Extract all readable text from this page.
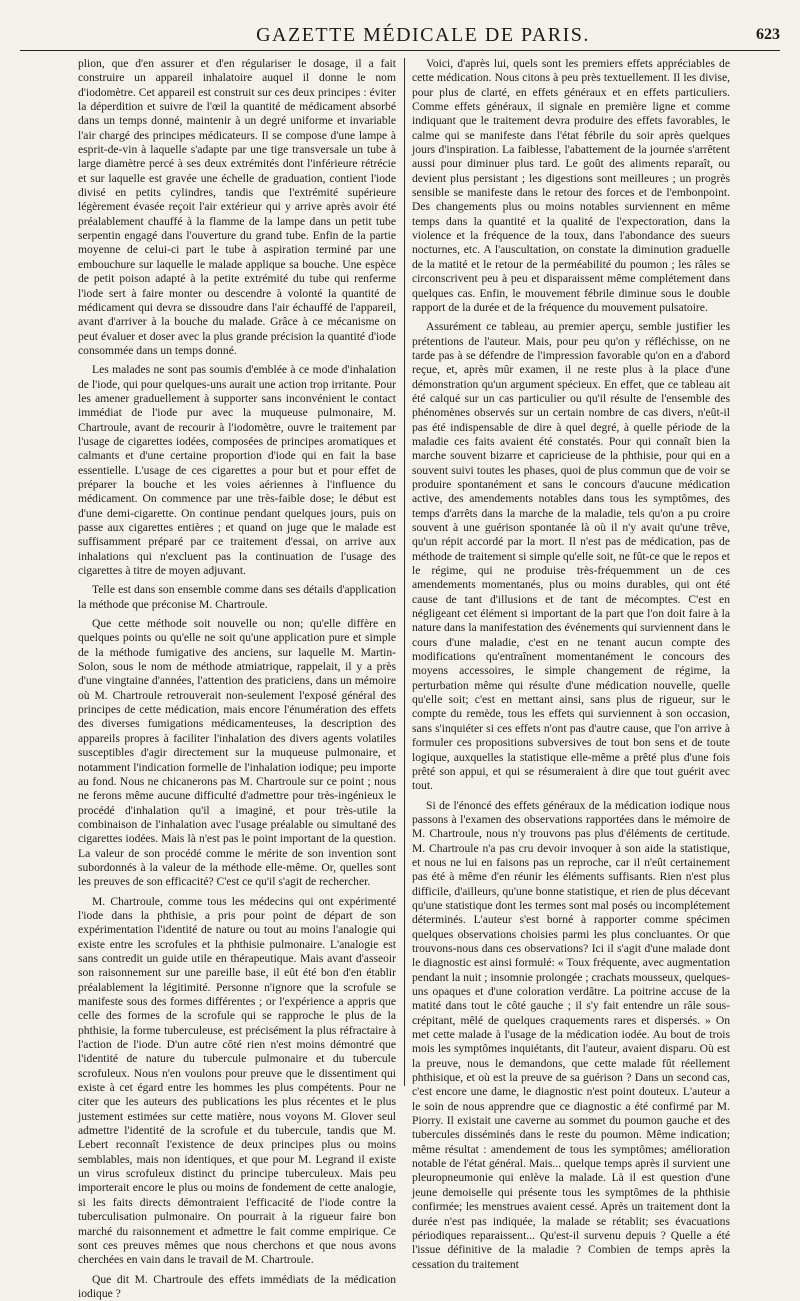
GAZETTE MÉDICALE DE PARIS.	623

plion, que d'en assurer et d'en régulariser le dosage, il a fait construire un appareil inhalatoire auquel il donne le nom d'iodomètre. Cet appareil est construit sur ces deux principes : éviter la déperdition et suivre de l'œil la quantité de médicament absorbé dans un temps donné, maintenir à un degré uniforme et invariable l'air chargé des principes médicateurs. Il se compose d'une lampe à esprit-de-vin à laquelle s'adapte par une tige transversale un tube à large diamètre percé à ses deux extrémités dont l'inférieure rétrécie et sur laquelle est gravée une échelle de graduation, contient l'iode divisé en petits cylindres, tandis que l'extrémité supérieure légèrement évasée reçoit l'air extérieur qui y arrive après avoir été préalablement chauffé à la flamme de la lampe dans un petit tube serpentin engagé dans l'ouverture du grand tube. Enfin de la partie moyenne de celui-ci part le tube à aspiration terminé par une embouchure sur laquelle le malade applique sa bouche. Une espèce de petit poison adapté à la petite extrémité du tube qui renferme l'iode sert à faire monter ou descendre à volonté la quantité de médicament qui devra se dissoudre dans l'air échauffé de l'appareil, avant d'arriver à la bouche du malade. Grâce à ce mécanisme on peut évaluer et doser avec la plus grande précision la quantité d'iode consommée dans un temps donné.

Les malades ne sont pas soumis d'emblée à ce mode d'inhalation de l'iode, qui pour quelques-uns aurait une action trop irritante. Pour les amener graduellement à supporter sans inconvénient le contact immédiat de l'iode pur avec la muqueuse pulmonaire, M. Chartroule, avant de recourir à l'iodomètre, ouvre le traitement par l'usage de cigarettes iodées, composées de principes aromatiques et calmants et d'une certaine proportion d'iode qui en fait la base essentielle. L'usage de ces cigarettes a pour but et pour effet de préparer la bouche et les voies aériennes à l'influence du médicament. On commence par une très-faible dose; le début est d'une demi-cigarette. On continue pendant quelques jours, puis on passe aux cigarettes entières ; et quand on juge que le malade est suffisamment préparé par ce traitement d'essai, on arrive aux inhalations qui n'excluent pas la continuation de l'usage des cigarettes à titre de moyen adjuvant.

Telle est dans son ensemble comme dans ses détails d'application la méthode que préconise M. Chartroule.

Que cette méthode soit nouvelle ou non; qu'elle diffère en quelques points ou qu'elle ne soit qu'une application pure et simple de la méthode fumigative des anciens, sur laquelle M. Martin-Solon, sous le nom de méthode atmiatrique, rappelait, il y a près d'une vingtaine d'années, l'attention des praticiens, dans un mémoire où M. Chartroule retrouverait non-seulement l'exposé général des principes de cette médication, mais encore l'énumération des effets des diverses fumigations médicamenteuses, la description des appareils propres à faciliter l'inhalation des divers agents volatiles susceptibles d'agir directement sur la muqueuse pulmonaire, et notamment l'indication formelle de l'inhalation iodique; peu importe au fond. Nous ne chicanerons pas M. Chartroule sur ce point ; nous ne ferons même aucune difficulté d'admettre pour très-ingénieux le procédé d'inhalation qu'il a imaginé, et pour très-utile la combinaison de l'inhalation avec l'usage préalable ou simultané des cigarettes iodées. Mais là n'est pas le point important de la question. La valeur de son procédé comme le mérite de son invention sont subordonnés à la valeur de la méthode elle-même. Or, quelles sont les preuves de son efficacité? C'est ce qu'il s'agit de rechercher.

M. Chartroule, comme tous les médecins qui ont expérimenté l'iode dans la phthisie, a pris pour point de départ de son expérimentation l'identité de nature ou tout au moins l'analogie qui existe entre les scrofules et la phthisie pulmonaire. L'analogie est sans contredit un guide utile en thérapeutique. Mais avant d'asseoir son raisonnement sur une pareille base, il eût été bon d'en établir préalablement la légitimité. Personne n'ignore que la scrofule se manifeste sous des formes différentes ; or l'expérience a appris que celle des formes de la scrofule qui se rapproche le plus de la phthisie, la forme tuberculeuse, est précisément la plus réfractaire à l'action de l'iode. D'un autre côté rien n'est moins démontré que l'identité de nature du tubercule pulmonaire et du tubercule scrofuleux. Nous n'en voulons pour preuve que le dissentiment qui existe à cet égard entre les hommes les plus compétents. Pour ne citer que les auteurs des publications les plus récentes et le plus justement estimées sur cette matière, nous voyons M. Glover seul admettre l'identité de la scrofule et du tubercule, tandis que M. Lebert reconnaît l'existence de deux principes plus ou moins semblables, mais non identiques, et que pour M. Legrand il existe un virus scrofuleux distinct du principe tuberculeux. Mais peu importerait encore le plus ou moins de fondement de cette analogie, si les faits directs démontraient l'efficacité de l'iode contre la tuberculisation pulmonaire. On pourrait à la rigueur faire bon marché du raisonnement et admettre le fait comme empirique. Ce sont ces preuves mêmes que nous cherchons et que nous avons cherchées en vain dans le travail de M. Chartroule.

Que dit M. Chartroule des effets immédiats de la médication iodique ?

Voici, d'après lui, quels sont les premiers effets appréciables de cette médication. Nous citons à peu près textuellement. Il les divise, pour plus de clarté, en effets généraux et en effets particuliers. Comme effets généraux, il signale en première ligne et comme indiquant que le traitement devra produire des effets favorables, le calme qui se manifeste dans l'état fébrile du soir après quelques jours d'inspiration. La faiblesse, l'abattement de la journée s'arrêtent aussi pour diminuer plus tard. Le goût des aliments reparaît, ou devient plus persistant ; les digestions sont meilleures ; un progrès sensible se manifeste dans le retour des forces et de l'embonpoint. Des changements plus ou moins notables surviennent en même temps dans la quantité et la qualité de l'expectoration, dans la violence et la fréquence de la toux, dans l'abondance des sueurs nocturnes, etc. A l'auscultation, on constate la diminution graduelle de la matité et le retour de la perméabilité du poumon ; les râles se circonscrivent peu à peu et disparaissent même complétement dans quelques cas. Enfin, le mouvement fébrile diminue sous le double rapport de la durée et de la fréquence du mouvement pulsatoire.

Assurément ce tableau, au premier aperçu, semble justifier les prétentions de l'auteur. Mais, pour peu qu'on y réfléchisse, on ne tarde pas à se défendre de l'impression favorable qu'on en a d'abord reçue, et, après mûr examen, il ne reste plus à la place d'une démonstration qu'un argument spécieux. En effet, que ce tableau ait été calqué sur un cas particulier ou qu'il résulte de l'ensemble des phénomènes observés sur un certain nombre de cas divers, n'eût-il pas été indispensable de dire à quel degré, à quelle période de la maladie ces faits avaient été constatés. Pour qui connaît bien la marche souvent bizarre et capricieuse de la phthisie, pour qui en a souvent suivi toutes les phases, quoi de plus commun que de voir se produire spontanément et sans le concours d'aucune médication active, des amendements notables dans tous les symptômes, des temps d'arrêts dans la marche de la maladie, tels qu'on a pu croire souvent à une guérison spontanée là où il n'y avait qu'une trêve, qu'un répit accordé par la mort. Il n'est pas de médication, pas de méthode de traitement si simple qu'elle soit, ne fût-ce que le repos et le régime, qui ne produise très-fréquemment un de ces amendements momentanés, plus ou moins durables, qui ont été cause de tant d'illusions et de tant de mécomptes. C'est en négligeant cet élément si important de la part que l'on doit faire à la nature dans la manifestation des événements qui surviennent dans le cours d'une maladie, c'est en ne tenant aucun compte des modifications qu'entraînent momentanément le concours des moyens accessoires, le simple changement de régime, la perturbation même qui résulte d'une médication nouvelle, quelle qu'elle soit; c'est en mettant ainsi, sans plus de rigueur, sur le compte du remède, tous les effets qui surviennent à son occasion, sans s'inquiéter si ces effets n'ont pas d'autre cause, que l'on arrive à formuler ces propositions subversives de tout bon sens et de toute logique, auxquelles la statistique elle-même a prêté plus d'une fois prêté son appui, et qui se résumeraient à dire que tout guérit avec tout.

Si de l'énoncé des effets généraux de la médication iodique nous passons à l'examen des observations rapportées dans le mémoire de M. Chartroule, nous n'y trouvons pas plus d'éléments de certitude. M. Chartroule n'a pas cru devoir invoquer à son aide la statistique, et nous ne lui en faisons pas un reproche, car il n'eût certainement pas été à même d'en réunir les éléments suffisants. Rien n'est plus difficile, d'ailleurs, qu'une bonne statistique, et rien de plus décevant qu'une statistique dont les termes sont mal posés ou incomplétement déterminés. L'auteur s'est borné à rapporter comme spécimen quelques observations choisies parmi les plus concluantes. Or que trouvons-nous dans ces observations? Ici il s'agit d'une malade dont le diagnostic est ainsi formulé: « Toux fréquente, avec augmentation pendant la nuit ; insomnie prolongée ; crachats mousseux, quelques-uns opaques et d'une coloration verdâtre. La poitrine accuse de la matité dans tout le côté gauche ; il s'y fait entendre un râle sous-crépitant, mêlé de quelques craquements rares et dispersés. » On met cette malade à l'usage de la médication iodée. Au bout de trois mois les symptômes inquiétants, dit l'auteur, avaient disparu. Où est la preuve, nous le demandons, que cette malade fût réellement phthisique, et où est la preuve de sa guérison ? Dans un second cas, c'est encore une dame, le diagnostic n'est point douteux. L'auteur a le soin de nous apprendre que ce diagnostic a été confirmé par M. Piorry. Il existait une caverne au sommet du poumon gauche et des tubercules disséminés dans le reste du poumon. Même indication; même résultat : amendement de tous les symptômes; amélioration notable de l'état général. Mais... quelque temps après il survient une pleuropneumonie qui enlève la malade. Là il est question d'une jeune demoiselle qui présente tous les symptômes de la phthisie confirmée; les menstrues avaient cessé. Après un traitement dont la durée n'est pas indiquée, la malade se rétablit; ses évacuations périodiques reparaissent... Qu'est-il survenu depuis ? Quelle a été l'issue définitive de la maladie ? Combien de temps après la cessation du traitement
